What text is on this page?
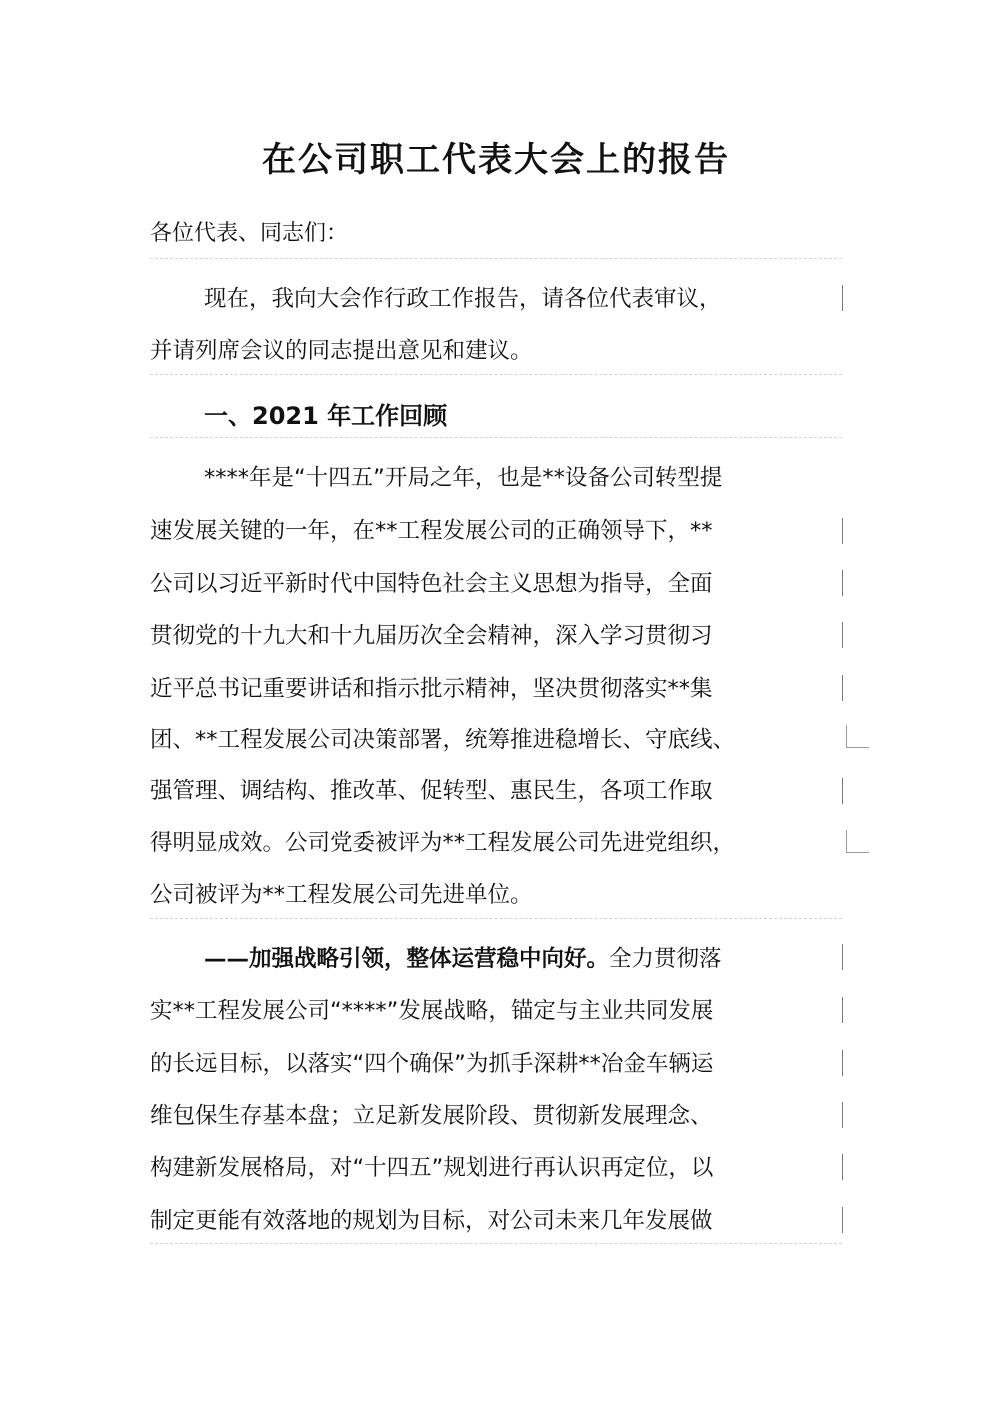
在公司职工代表大会上的报告
各位代表、同志们：
现在，我向大会作行政工作报告，请各位代表审议，
并请列席会议的同志提出意见和建议。
一、2021 年工作回顾
****年是“十四五”开局之年，也是**设备公司转型提
速发展关键的一年，在**工程发展公司的正确领导下，**
公司以习近平新时代中国特色社会主义思想为指导，全面
贯彻党的十九大和十九届历次全会精神，深入学习贯彻习
近平总书记重要讲话和指示批示精神，坚决贯彻落实**集
团、**工程发展公司决策部署，统筹推进稳增长、守底线、
强管理、调结构、推改革、促转型、惠民生，各项工作取
得明显成效。公司党委被评为**工程发展公司先进党组织，
公司被评为**工程发展公司先进单位。
——加强战略引领，整体运营稳中向好。全力贯彻落
实**工程发展公司“****”发展战略，锚定与主业共同发展
的长远目标，以落实“四个确保”为抓手深耕**冶金车辆运
维包保生存基本盘；立足新发展阶段、贯彻新发展理念、
构建新发展格局，对“十四五”规划进行再认识再定位，以
制定更能有效落地的规划为目标，对公司未来几年发展做
